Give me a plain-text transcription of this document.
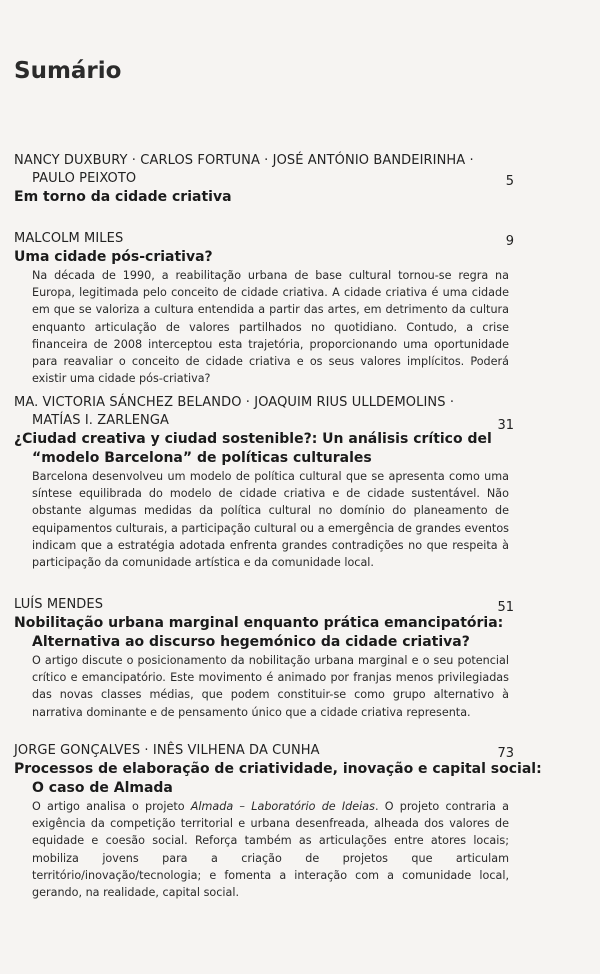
Sumário
NANCY DUXBURY · CARLOS FORTUNA · JOSÉ ANTÓNIO BANDEIRINHA ·
PAULO PEIXOTO	5
Em torno da cidade criativa
MALCOLM MILES	9
Uma cidade pós-criativa?
Na década de 1990, a reabilitação urbana de base cultural tornou-se regra na Europa, legitimada pelo conceito de cidade criativa. A cidade criativa é uma cidade em que se valoriza a cultura entendida a partir das artes, em detrimento da cultura enquanto articulação de valores partilhados no quotidiano. Contudo, a crise financeira de 2008 interceptou esta trajetória, proporcionando uma oportunidade para reavaliar o conceito de cidade criativa e os seus valores implícitos. Poderá existir uma cidade pós-criativa?
MA. VICTORIA SÁNCHEZ BELANDO · JOAQUIM RIUS ULLDEMOLINS ·
MATÍAS I. ZARLENGA	31
¿Ciudad creativa y ciudad sostenible?: Un análisis crítico del
“modelo Barcelona” de políticas culturales
Barcelona desenvolveu um modelo de política cultural que se apresenta como uma síntese equilibrada do modelo de cidade criativa e de cidade sustentável. Não obstante algumas medidas da política cultural no domínio do planeamento de equipamentos culturais, a participação cultural ou a emergência de grandes eventos indicam que a estratégia adotada enfrenta grandes contradições no que respeita à participação da comunidade artística e da comunidade local.
LUÍS MENDES	51
Nobilitação urbana marginal enquanto prática emancipatória:
Alternativa ao discurso hegemónico da cidade criativa?
O artigo discute o posicionamento da nobilitação urbana marginal e o seu potencial crítico e emancipatório. Este movimento é animado por franjas menos privilegiadas das novas classes médias, que podem constituir-se como grupo alternativo à narrativa dominante e de pensamento único que a cidade criativa representa.
JORGE GONÇALVES · INÊS VILHENA DA CUNHA	73
Processos de elaboração de criatividade, inovação e capital social:
O caso de Almada
O artigo analisa o projeto Almada – Laboratório de Ideias. O projeto contraria a exigência da competição territorial e urbana desenfreada, alheada dos valores de equidade e coesão social. Reforça também as articulações entre atores locais; mobiliza jovens para a criação de projetos que articulam território/inovação/tecnologia; e fomenta a interação com a comunidade local, gerando, na realidade, capital social.
